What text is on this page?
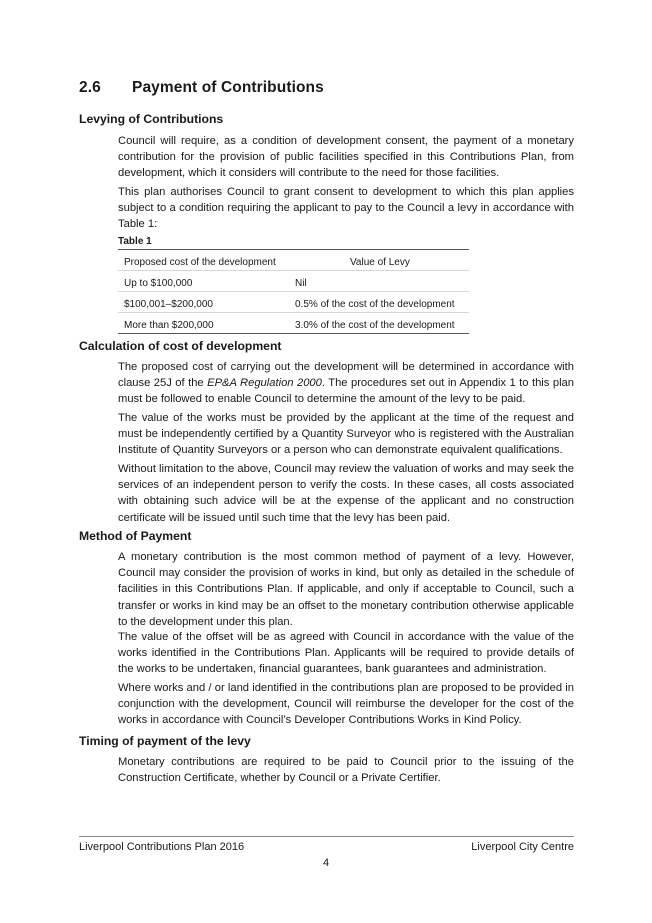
2.6 Payment of Contributions
Levying of Contributions

Council will require, as a condition of development consent, the payment of a monetary contribution for the provision of public facilities specified in this Contributions Plan, from development, which it considers will contribute to the need for those facilities.

This plan authorises Council to grant consent to development to which this plan applies subject to a condition requiring the applicant to pay to the Council a levy in accordance with Table 1:

Table 1
Proposed cost of the development	Value of Levy
Up to $100,000	Nil
$100,001–$200,000	0.5% of the cost of the development
More than $200,000	3.0% of the cost of the development
Calculation of cost of development

The proposed cost of carrying out the development will be determined in accordance with clause 25J of the EP&A Regulation 2000. The procedures set out in Appendix 1 to this plan must be followed to enable Council to determine the amount of the levy to be paid.

The value of the works must be provided by the applicant at the time of the request and must be independently certified by a Quantity Surveyor who is registered with the Australian Institute of Quantity Surveyors or a person who can demonstrate equivalent qualifications.

Without limitation to the above, Council may review the valuation of works and may seek the services of an independent person to verify the costs. In these cases, all costs associated with obtaining such advice will be at the expense of the applicant and no construction certificate will be issued until such time that the levy has been paid.

Method of Payment

A monetary contribution is the most common method of payment of a levy. However, Council may consider the provision of works in kind, but only as detailed in the schedule of facilities in this Contributions Plan. If applicable, and only if acceptable to Council, such a transfer or works in kind may be an offset to the monetary contribution otherwise applicable to the development under this plan.

The value of the offset will be as agreed with Council in accordance with the value of the works identified in the Contributions Plan. Applicants will be required to provide details of the works to be undertaken, financial guarantees, bank guarantees and administration.

Where works and / or land identified in the contributions plan are proposed to be provided in conjunction with the development, Council will reimburse the developer for the cost of the works in accordance with Council’s Developer Contributions Works in Kind Policy.

Timing of payment of the levy

Monetary contributions are required to be paid to Council prior to the issuing of the Construction Certificate, whether by Council or a Private Certifier.

Liverpool Contributions Plan 2016	Liverpool City Centre
4
